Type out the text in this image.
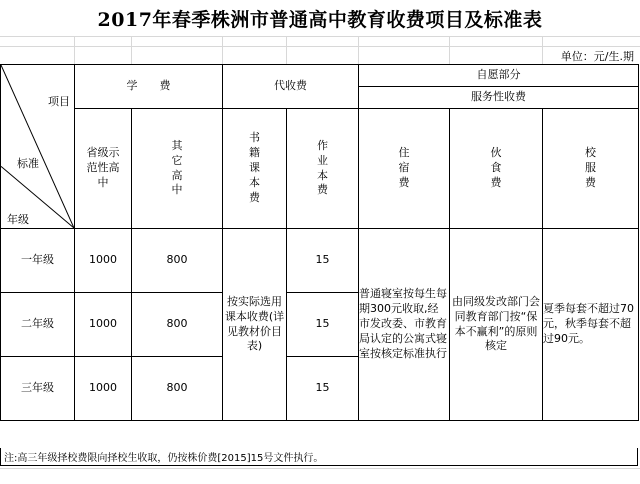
2017年春季株洲市普通高中教育收费项目及标准表
单位：元/生.期
项目
标准
年级	学　　费		代收费		自愿部分		
					服务性收费		
	省级示范性高中	其它高中	书籍课本费	作业本费	住宿费	伙食费	校服费
一年级	1000	800	按实际选用课本收费(详见教材价目表)	15	普通寝室按每生每期300元收取,经市发改委、市教育局认定的公寓式寝室按核定标准执行	由同级发改部门会同教育部门按“保本不赢利”的原则核定	夏季每套不超过70元，秋季每套不超过90元。
二年级	1000	800		15			
三年级	1000	800		15			
注:高三年级择校费限向择校生收取，仍按株价费[2015]15号文件执行。
